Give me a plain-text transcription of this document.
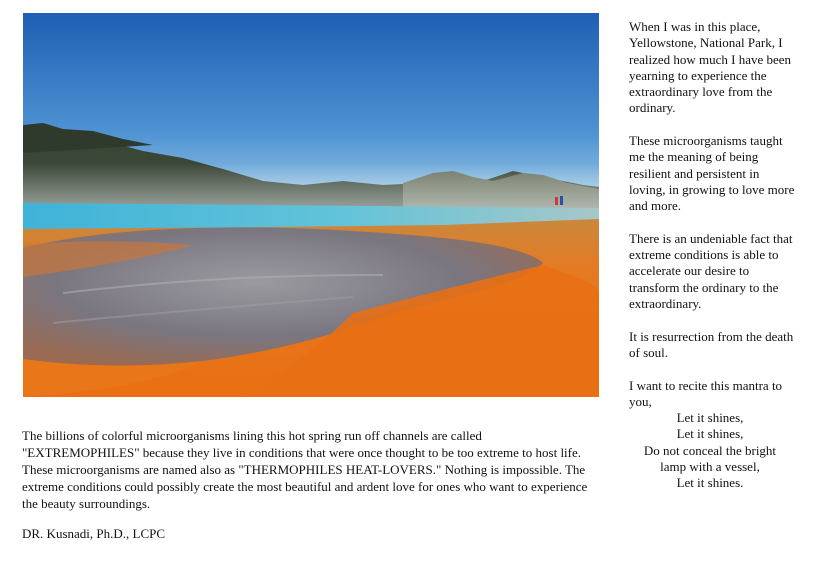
The billions of colorful microorganisms lining this hot spring run off channels are called "EXTREMOPHILES" because they live in conditions that were once thought to be too extreme to host life. These microorganisms are named also as "THERMOPHILES HEAT-LOVERS." Nothing is impossible. The extreme conditions could possibly create the most beautiful and ardent love for ones who want to experience the beauty surroundings.

DR. Kusnadi, Ph.D., LCPC

When I was in this place, Yellowstone, National Park, I realized how much I have been yearning to experience the extraordinary love from the ordinary.

These microorganisms taught me the meaning of being resilient and persistent in loving, in growing to love more and more.

There is an undeniable fact that extreme conditions is able to accelerate our desire to transform the ordinary to the extraordinary.

It is resurrection from the death of soul.

I want to recite this mantra to you,

Let it shines,
Let it shines,
Do not conceal the bright
lamp with a vessel,
Let it shines.
